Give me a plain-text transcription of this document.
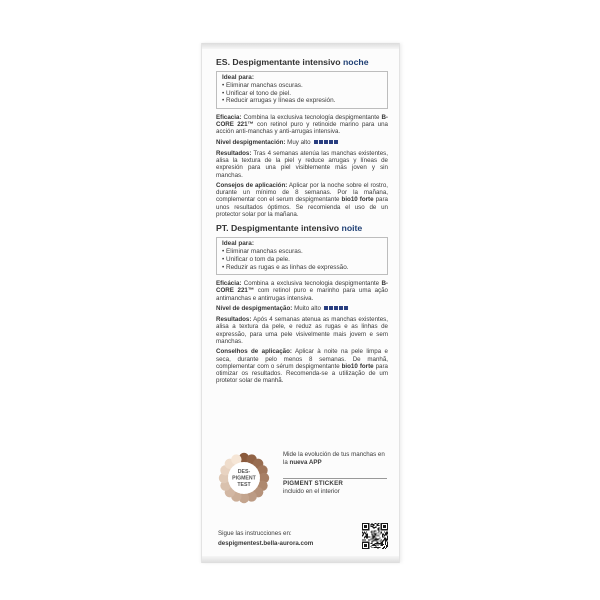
ES. Despigmentante intensivo noche
Ideal para:
• Eliminar manchas oscuras.
• Unificar el tono de piel.
• Reducir arrugas y líneas de expresión.

Eficacia: Combina la exclusiva tecnología despigmentante B-CORE 221™ con retinol puro y retinoide marino para una acción anti-manchas y anti-arrugas intensiva.

Nivel despigmentación: Muy alto

Resultados: Tras 4 semanas atenúa las manchas existentes, alisa la textura de la piel y reduce arrugas y líneas de expresión para una piel visiblemente más joven y sin manchas.

Consejos de aplicación: Aplicar por la noche sobre el rostro, durante un mínimo de 8 semanas. Por la mañana, complementar con el serum despigmentante bio10 forte para unos resultados óptimos. Se recomienda el uso de un protector solar por la mañana.

PT. Despigmentante intensivo noite
Ideal para:
• Eliminar manchas escuras.
• Unificar o tom da pele.
• Reduzir as rugas e as linhas de expressão.

Eficácia: Combina a exclusiva tecnologia despigmentante B-CORE 221™ com retinol puro e marinho para uma ação antimanchas e antirrugas intensiva.

Nível de despigmentação: Muito alto

Resultados: Após 4 semanas atenua as manchas existentes, alisa a textura da pele, e reduz as rugas e as linhas de expressão, para uma pele visivelmente mais jovem e sem manchas.

Conselhos de aplicação: Aplicar à noite na pele limpa e seca, durante pelo menos 8 semanas. De manhã, complementar com o sérum despigmentante bio10 forte para otimizar os resultados. Recomenda-se a utilização de um protetor solar de manhã.

DES-
PIGMENT
TEST
Mide la evolución de tus manchas en la nueva APP
PIGMENT STICKER
incluido en el interior
Sigue las instrucciones en:
despigmentest.bella-aurora.com
